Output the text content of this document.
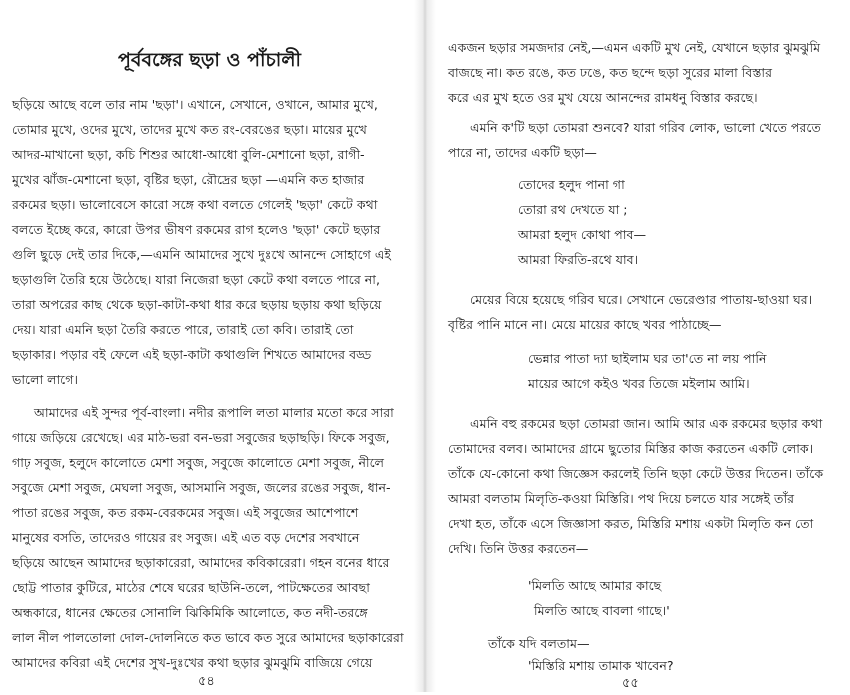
পূর্ববঙ্গের ছড়া ও পাঁচালী
ছড়িয়ে আছে বলে তার নাম 'ছড়া'। এখানে, সেখানে, ওখানে, আমার মুখে,
তোমার মুখে, ওদের মুখে, তাদের মুখে কত রং-বেরঙের ছড়া। মায়ের মুখে
আদর-মাখানো ছড়া, কচি শিশুর আধো-আধো বুলি-মেশানো ছড়া, রাগী-
মুখের ঝাঁজ-মেশানো ছড়া, বৃষ্টির ছড়া, রৌদ্রের ছড়া —এমনি কত হাজার
রকমের ছড়া। ভালোবেসে কারো সঙ্গে কথা বলতে গেলেই 'ছড়া' কেটে কথা
বলতে ইচ্ছে করে, কারো উপর ভীষণ রকমের রাগ হলেও 'ছড়া' কেটে ছড়ার
গুলি ছুড়ে দেই তার দিকে,—এমনি আমাদের সুখে দুঃখে আনন্দে সোহাগে এই
ছড়াগুলি তৈরি হয়ে উঠেছে। যারা নিজেরা ছড়া কেটে কথা বলতে পারে না,
তারা অপরের কাছ থেকে ছড়া-কাটা-কথা ধার করে ছড়ায় ছড়ায় কথা ছড়িয়ে
দেয়। যারা এমনি ছড়া তৈরি করতে পারে, তারাই তো কবি। তারাই তো
ছড়াকার। পড়ার বই ফেলে এই ছড়া-কাটা কথাগুলি শিখতে আমাদের বড্ড
ভালো লাগে।
আমাদের এই সুন্দর পূর্ব-বাংলা। নদীর রূপালি লতা মালার মতো করে সারা
গায়ে জড়িয়ে রেখেছে। এর মাঠ-ভরা বন-ভরা সবুজের ছড়াছড়ি। ফিকে সবুজ,
গাঢ় সবুজ, হলুদে কালোতে মেশা সবুজ, সবুজে কালোতে মেশা সবুজ, নীলে
সবুজে মেশা সবুজ, মেঘলা সবুজ, আসমানি সবুজ, জলের রঙের সবুজ, ধান-
পাতা রঙের সবুজ, কত রকম-বেরকমের সবুজ। এই সবুজের আশেপাশে
মানুষের বসতি, তাদেরও গায়ের রং সবুজ। এই এত বড় দেশের সবখানে
ছড়িয়ে আছেন আমাদের ছড়াকারেরা, আমাদের কবিকারেরা। গহন বনের ধারে
ছোট্ট পাতার কুটিরে, মাঠের শেষে ঘরের ছাউনি-তলে, পাটক্ষেতের আবছা
অন্ধকারে, ধানের ক্ষেতের সোনালি ঝিকিমিকি আলোতে, কত নদী-তরঙ্গে
লাল নীল পালতোলা দোল-দোলনিতে কত ভাবে কত সুরে আমাদের ছড়াকারেরা
আমাদের কবিরা এই দেশের সুখ-দুঃখের কথা ছড়ার ঝুমঝুমি বাজিয়ে গেয়ে
৫৪
একজন ছড়ার সমজদার নেই,—এমন একটি মুখ নেই, যেখানে ছড়ার ঝুমঝুমি
বাজছে না। কত রঙে, কত ঢঙে, কত ছন্দে ছড়া সুরের মালা বিস্তার
করে এর মুখ হতে ওর মুখ যেয়ে আনন্দের রামধনু বিস্তার করছে।
এমনি ক'টি ছড়া তোমরা শুনবে? যারা গরিব লোক, ভালো খেতে পরতে
পারে না, তাদের একটি ছড়া—
তোদের হলুদ পানা গা
তোরা রথ দেখতে যা ;
আমরা হলুদ কোথা পাব—
আমরা ফিরতি-রথে যাব।
মেয়ের বিয়ে হয়েছে গরিব ঘরে। সেখানে ভেরেণ্ডার পাতায়-ছাওয়া ঘর।
বৃষ্টির পানি মানে না। মেয়ে মায়ের কাছে খবর পাঠাচ্ছে—
ভেন্নার পাতা দ্যা ছাইলাম ঘর তা'তে না লয় পানি
মায়ের আগে কইও খবর তিজে মইলাম আমি।
এমনি বহু রকমের ছড়া তোমরা জান। আমি আর এক রকমের ছড়ার কথা
তোমাদের বলব। আমাদের গ্রামে ছুতোর মিস্তির কাজ করতেন একটি লোক।
তাঁকে যে-কোনো কথা জিজ্ঞেস করলেই তিনি ছড়া কেটে উত্তর দিতেন। তাঁকে
আমরা বলতাম মিলৃতি-কওয়া মিস্তিরি। পথ দিয়ে চলতে যার সঙ্গেই তাঁর
দেখা হত, তাঁকে এসে জিজ্ঞাসা করত, মিস্তিরি মশায় একটা মিলৃতি কন তো
দেখি। তিনি উত্তর করতেন—
'মিলতি আছে আমার কাছে
মিলতি আছে বাবলা গাছে।'
তাঁকে যদি বলতাম—
'মিস্তিরি মশায় তামাক খাবেন?
৫৫
